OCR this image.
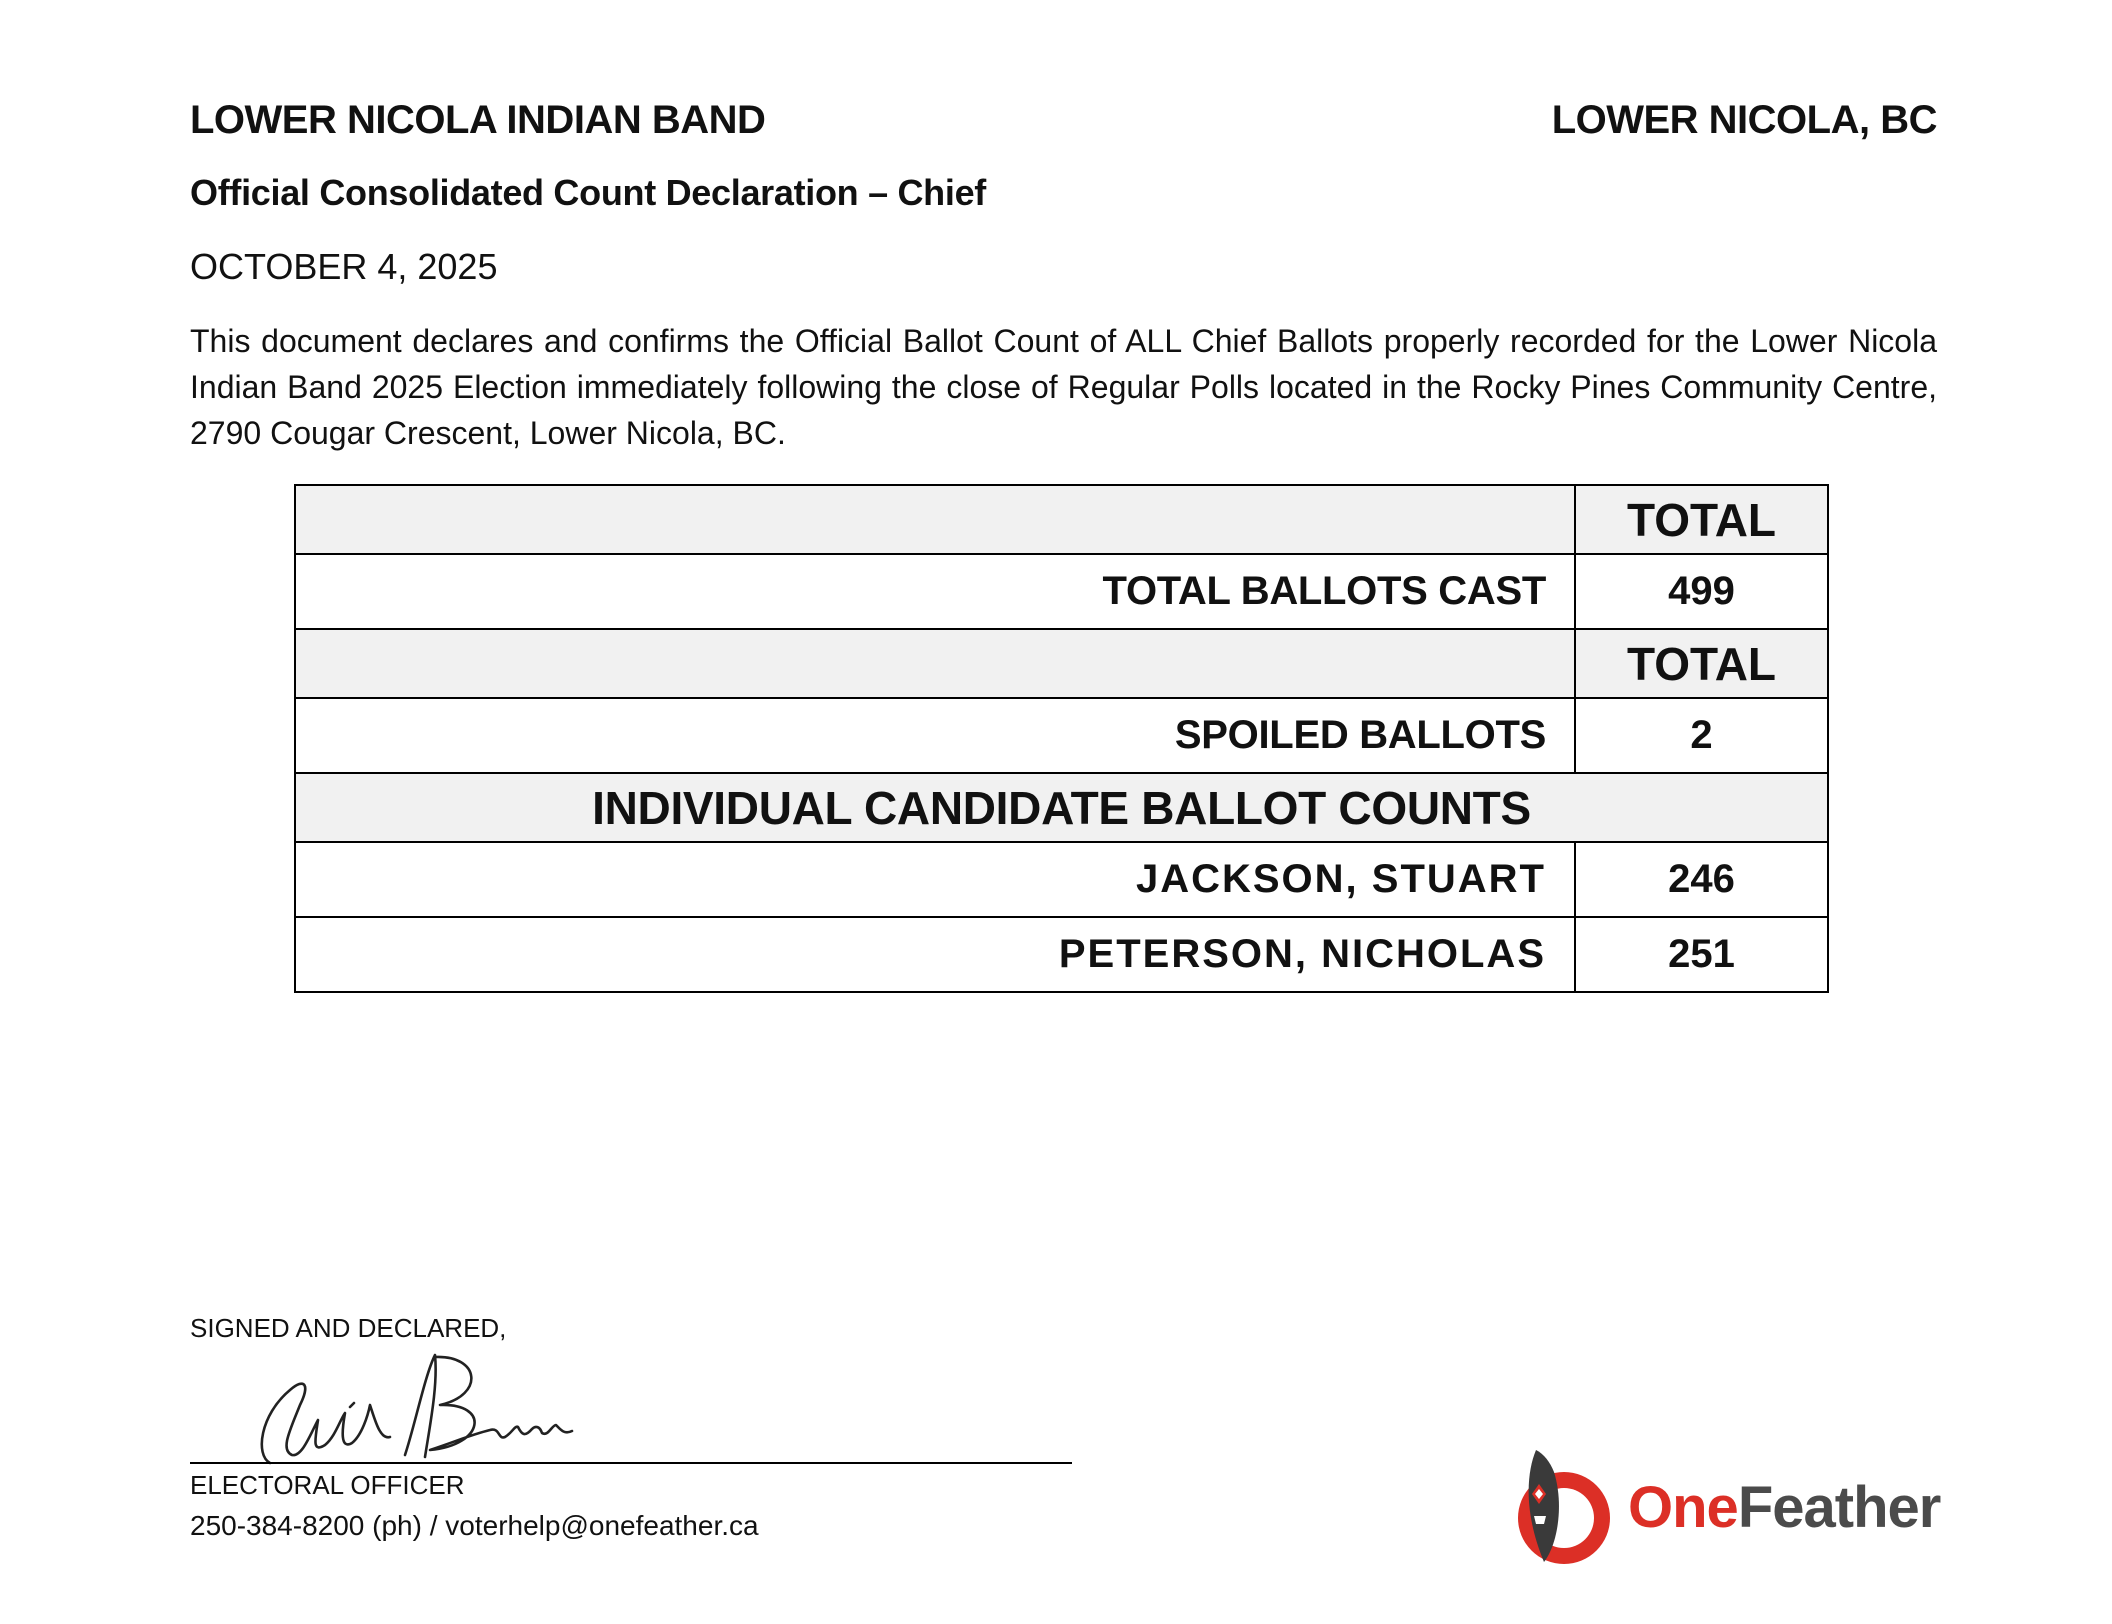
LOWER NICOLA INDIAN BAND	LOWER NICOLA, BC
Official Consolidated Count Declaration – Chief
OCTOBER 4, 2025
This document declares and confirms the Official Ballot Count of ALL Chief Ballots properly recorded for the Lower Nicola Indian Band 2025 Election immediately following the close of Regular Polls located in the Rocky Pines Community Centre, 2790 Cougar Crescent, Lower Nicola, BC.
	TOTAL
TOTAL BALLOTS CAST	499
	TOTAL
SPOILED BALLOTS	2
INDIVIDUAL CANDIDATE BALLOT COUNTS	
JACKSON, STUART	246
PETERSON, NICHOLAS	251
SIGNED AND DECLARED,
ELECTORAL OFFICER
250-384-8200 (ph) / voterhelp@onefeather.ca	OneFeather
